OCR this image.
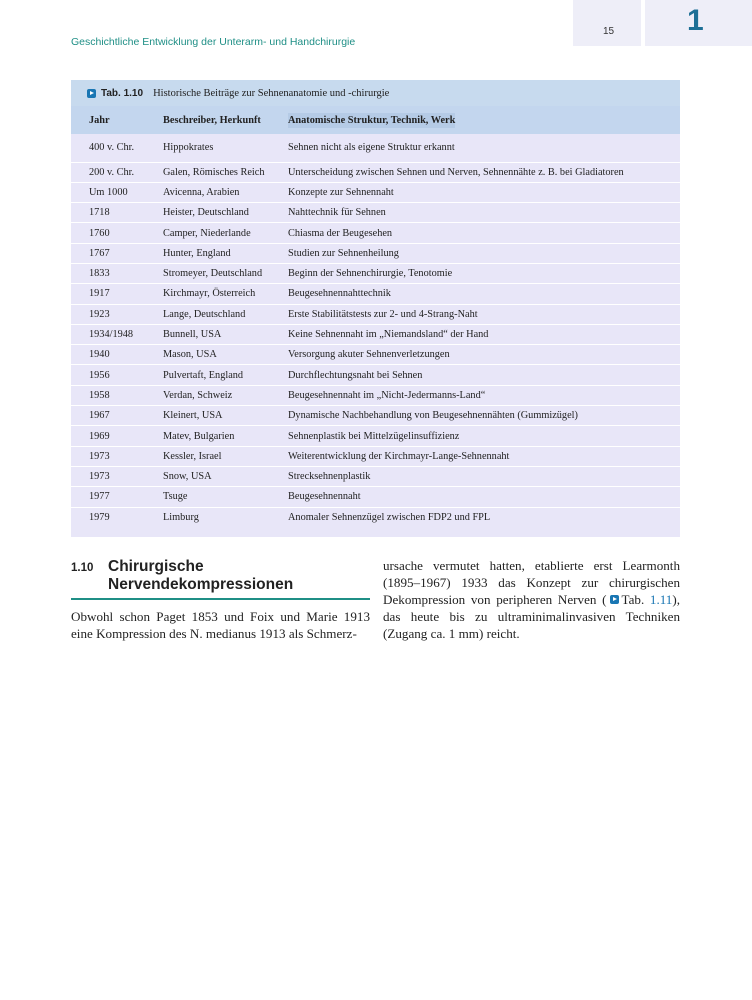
Geschichtliche Entwicklung der Unterarm- und Handchirurgie
15 1
Tab. 1.10 Historische Beiträge zur Sehnenanatomie und -chirurgie
Jahr	Beschreiber, Herkunft	Anatomische Struktur, Technik, Werk
400 v. Chr.	Hippokrates	Sehnen nicht als eigene Struktur erkannt
200 v. Chr.	Galen, Römisches Reich	Unterscheidung zwischen Sehnen und Nerven, Sehnennähte z. B. bei Gladiatoren
Um 1000	Avicenna, Arabien	Konzepte zur Sehnennaht
1718	Heister, Deutschland	Nahttechnik für Sehnen
1760	Camper, Niederlande	Chiasma der Beugesehen
1767	Hunter, England	Studien zur Sehnenheilung
1833	Stromeyer, Deutschland	Beginn der Sehnenchirurgie, Tenotomie
1917	Kirchmayr, Österreich	Beugesehnennahttechnik
1923	Lange, Deutschland	Erste Stabilitätstests zur 2- und 4-Strang-Naht
1934/1948	Bunnell, USA	Keine Sehnennaht im „Niemandsland“ der Hand
1940	Mason, USA	Versorgung akuter Sehnenverletzungen
1956	Pulvertaft, England	Durchflechtungsnaht bei Sehnen
1958	Verdan, Schweiz	Beugesehnennaht im „Nicht-Jedermanns-Land“
1967	Kleinert, USA	Dynamische Nachbehandlung von Beugesehnennähten (Gummizügel)
1969	Matev, Bulgarien	Sehnenplastik bei Mittelzügelinsuffizienz
1973	Kessler, Israel	Weiterentwicklung der Kirchmayr-Lange-Sehnennaht
1973	Snow, USA	Strecksehnenplastik
1977	Tsuge	Beugesehnennaht
1979	Limburg	Anomaler Sehnenzügel zwischen FDP2 und FPL
1.10 Chirurgische
Nervendekompressionen
Obwohl schon Paget 1853 und Foix und Marie 1913 eine Kompression des N. medianus 1913 als Schmerz-
ursache vermutet hatten, etablierte erst Learmonth (1895–1967) 1933 das Konzept zur chirurgischen Dekompression von peripheren Nerven ( Tab. 1.11), das heute bis zu ultraminimalinvasiven Techniken (Zugang ca. 1 mm) reicht.
